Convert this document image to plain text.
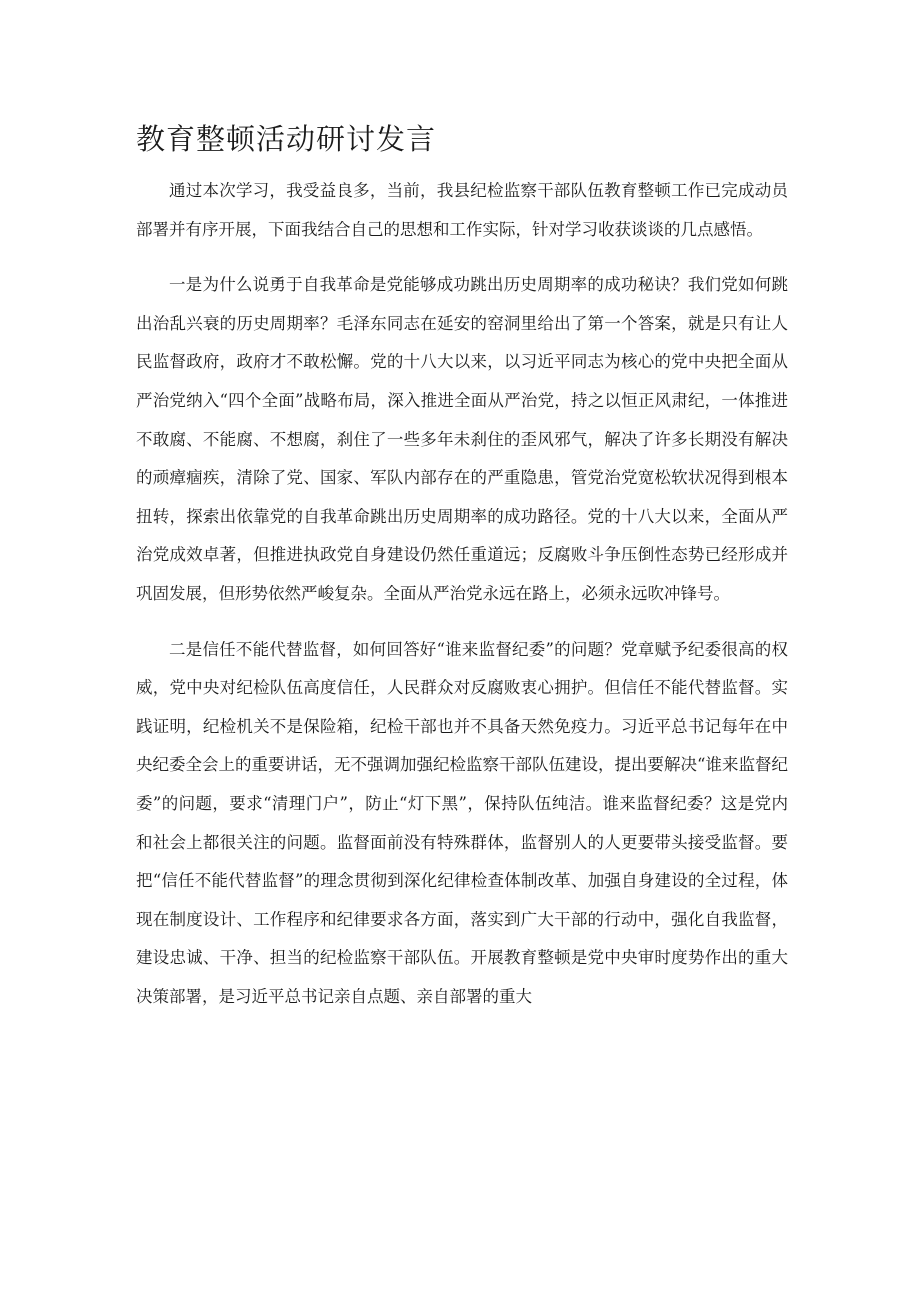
教育整顿活动研讨发言

通过本次学习，我受益良多，当前，我县纪检监察干部队伍教育整顿工作已完成动员部署并有序开展，下面我结合自己的思想和工作实际，针对学习收获谈谈的几点感悟。

一是为什么说勇于自我革命是党能够成功跳出历史周期率的成功秘诀？我们党如何跳出治乱兴衰的历史周期率？毛泽东同志在延安的窑洞里给出了第一个答案，就是只有让人民监督政府，政府才不敢松懈。党的十八大以来，以习近平同志为核心的党中央把全面从严治党纳入“四个全面”战略布局，深入推进全面从严治党，持之以恒正风肃纪，一体推进不敢腐、不能腐、不想腐，刹住了一些多年未刹住的歪风邪气，解决了许多长期没有解决的顽瘴痼疾，清除了党、国家、军队内部存在的严重隐患，管党治党宽松软状况得到根本扭转，探索出依靠党的自我革命跳出历史周期率的成功路径。党的十八大以来，全面从严治党成效卓著，但推进执政党自身建设仍然任重道远；反腐败斗争压倒性态势已经形成并巩固发展，但形势依然严峻复杂。全面从严治党永远在路上，必须永远吹冲锋号。

二是信任不能代替监督，如何回答好“谁来监督纪委”的问题？党章赋予纪委很高的权威，党中央对纪检队伍高度信任，人民群众对反腐败衷心拥护。但信任不能代替监督。实践证明，纪检机关不是保险箱，纪检干部也并不具备天然免疫力。习近平总书记每年在中央纪委全会上的重要讲话，无不强调加强纪检监察干部队伍建设，提出要解决“谁来监督纪委”的问题，要求“清理门户”，防止“灯下黑”，保持队伍纯洁。谁来监督纪委？这是党内和社会上都很关注的问题。监督面前没有特殊群体，监督别人的人更要带头接受监督。要把“信任不能代替监督”的理念贯彻到深化纪律检查体制改革、加强自身建设的全过程，体现在制度设计、工作程序和纪律要求各方面，落实到广大干部的行动中，强化自我监督，建设忠诚、干净、担当的纪检监察干部队伍。开展教育整顿是党中央审时度势作出的重大决策部署，是习近平总书记亲自点题、亲自部署的重大
